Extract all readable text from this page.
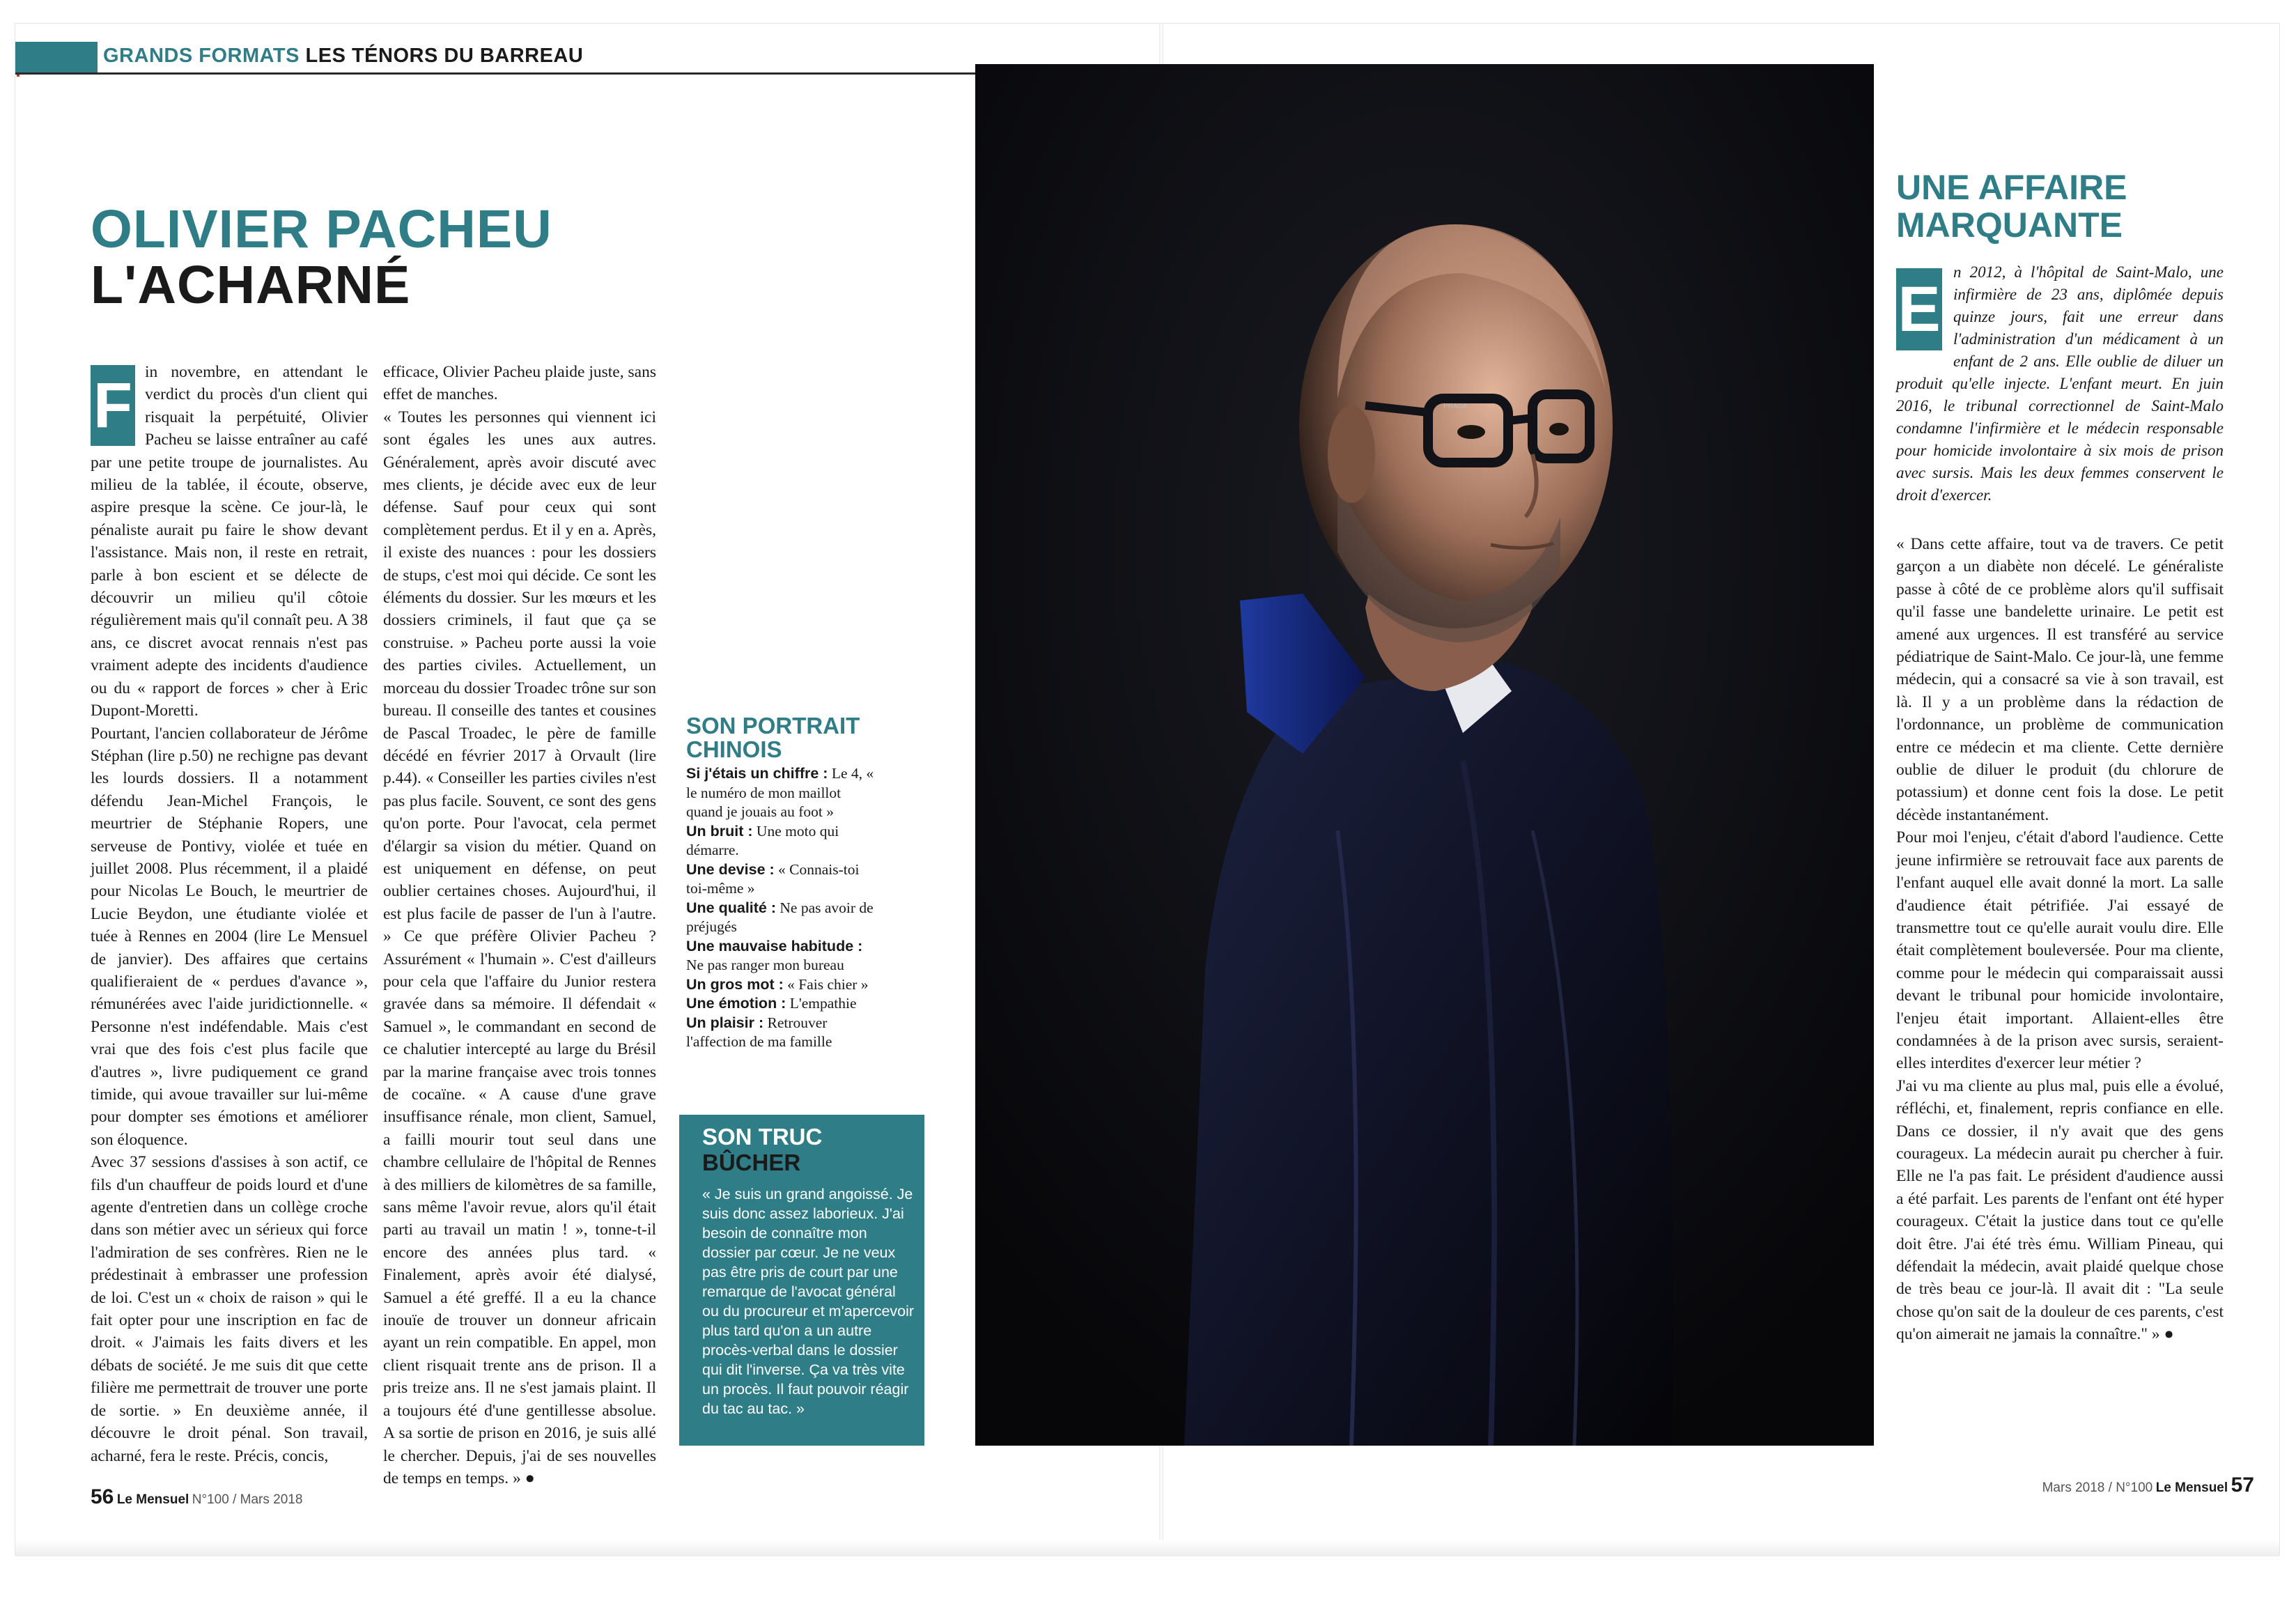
GRANDS FORMATS LES TÉNORS DU BARREAU
OLIVIER PACHEU
L'ACHARNÉ
F in novembre, en attendant le verdict du procès d'un client qui risquait la perpétuité, Olivier Pacheu se laisse entraîner au café par une petite troupe de journalistes. Au milieu de la tablée, il écoute, observe, aspire presque la scène. Ce jour-là, le pénaliste aurait pu faire le show devant l'assistance. Mais non, il reste en retrait, parle à bon escient et se délecte de découvrir un milieu qu'il côtoie régulièrement mais qu'il connaît peu. A 38 ans, ce discret avocat rennais n'est pas vraiment adepte des incidents d'audience ou du « rapport de forces » cher à Eric Dupont-Moretti.

Pourtant, l'ancien collaborateur de Jérôme Stéphan (lire p.50) ne rechigne pas devant les lourds dossiers. Il a notamment défendu Jean-Michel François, le meurtrier de Stéphanie Ropers, une serveuse de Pontivy, violée et tuée en juillet 2008. Plus récemment, il a plaidé pour Nicolas Le Bouch, le meurtrier de Lucie Beydon, une étudiante violée et tuée à Rennes en 2004 (lire Le Mensuel de janvier). Des affaires que certains qualifieraient de « perdues d'avance », rémunérées avec l'aide juridictionnelle. « Personne n'est indéfendable. Mais c'est vrai que des fois c'est plus facile que d'autres », livre pudiquement ce grand timide, qui avoue travailler sur lui-même pour dompter ses émotions et améliorer son éloquence.

Avec 37 sessions d'assises à son actif, ce fils d'un chauffeur de poids lourd et d'une agente d'entretien dans un collège croche dans son métier avec un sérieux qui force l'admiration de ses confrères. Rien ne le prédestinait à embrasser une profession de loi. C'est un « choix de raison » qui le fait opter pour une inscription en fac de droit. « J'aimais les faits divers et les débats de société. Je me suis dit que cette filière me permettrait de trouver une porte de sortie. » En deuxième année, il découvre le droit pénal. Son travail, acharné, fera le reste. Précis, concis,

efficace, Olivier Pacheu plaide juste, sans effet de manches.

« Toutes les personnes qui viennent ici sont égales les unes aux autres. Généralement, après avoir discuté avec mes clients, je décide avec eux de leur défense. Sauf pour ceux qui sont complètement perdus. Et il y en a. Après, il existe des nuances : pour les dossiers de stups, c'est moi qui décide. Ce sont les éléments du dossier. Sur les mœurs et les dossiers criminels, il faut que ça se construise. » Pacheu porte aussi la voie des parties civiles. Actuellement, un morceau du dossier Troadec trône sur son bureau. Il conseille des tantes et cousines de Pascal Troadec, le père de famille décédé en février 2017 à Orvault (lire p.44). « Conseiller les parties civiles n'est pas plus facile. Souvent, ce sont des gens qu'on porte. Pour l'avocat, cela permet d'élargir sa vision du métier. Quand on est uniquement en défense, on peut oublier certaines choses. Aujourd'hui, il est plus facile de passer de l'un à l'autre. » Ce que préfère Olivier Pacheu ? Assurément « l'humain ». C'est d'ailleurs pour cela que l'affaire du Junior restera gravée dans sa mémoire. Il défendait « Samuel », le commandant en second de ce chalutier intercepté au large du Brésil par la marine française avec trois tonnes de cocaïne. « A cause d'une grave insuffisance rénale, mon client, Samuel, a failli mourir tout seul dans une chambre cellulaire de l'hôpital de Rennes à des milliers de kilomètres de sa famille, sans même l'avoir revue, alors qu'il était parti au travail un matin ! », tonne-t-il encore des années plus tard. « Finalement, après avoir été dialysé, Samuel a été greffé. Il a eu la chance inouïe de trouver un donneur africain ayant un rein compatible. En appel, mon client risquait trente ans de prison. Il a pris treize ans. Il ne s'est jamais plaint. Il a toujours été d'une gentillesse absolue. A sa sortie de prison en 2016, je suis allé le chercher. Depuis, j'ai de ses nouvelles de temps en temps. » ●

SON PORTRAIT CHINOIS
Si j'étais un chiffre : Le 4, « le numéro de mon maillot quand je jouais au foot »
Un bruit : Une moto qui démarre.
Une devise : « Connais-toi toi-même »
Une qualité : Ne pas avoir de préjugés
Une mauvaise habitude : Ne pas ranger mon bureau
Un gros mot : « Fais chier »
Une émotion : L'empathie
Un plaisir : Retrouver l'affection de ma famille
SON TRUC
BÛCHER
« Je suis un grand angoissé. Je suis donc assez laborieux. J'ai besoin de connaître mon dossier par cœur. Je ne veux pas être pris de court par une remarque de l'avocat général ou du procureur et m'apercevoir plus tard qu'on a un autre procès-verbal dans le dossier qui dit l'inverse. Ça va très vite un procès. Il faut pouvoir réagir du tac au tac. »
PRADA
UNE AFFAIRE MARQUANTE
E
n 2012, à l'hôpital de Saint-Malo, une infirmière de 23 ans, diplômée depuis quinze jours, fait une erreur dans l'administration d'un médicament à un enfant de 2 ans. Elle oublie de diluer un produit qu'elle injecte. L'enfant meurt. En juin 2016, le tribunal correctionnel de Saint-Malo condamne l'infirmière et le médecin responsable pour homicide involontaire à six mois de prison avec sursis. Mais les deux femmes conservent le droit d'exercer.

« Dans cette affaire, tout va de travers. Ce petit garçon a un diabète non décelé. Le généraliste passe à côté de ce problème alors qu'il suffisait qu'il fasse une bandelette urinaire. Le petit est amené aux urgences. Il est transféré au service pédiatrique de Saint-Malo. Ce jour-là, une femme médecin, qui a consacré sa vie à son travail, est là. Il y a un problème dans la rédaction de l'ordonnance, un problème de communication entre ce médecin et ma cliente. Cette dernière oublie de diluer le produit (du chlorure de potassium) et donne cent fois la dose. Le petit décède instantanément.

Pour moi l'enjeu, c'était d'abord l'audience. Cette jeune infirmière se retrouvait face aux parents de l'enfant auquel elle avait donné la mort. La salle d'audience était pétrifiée. J'ai essayé de transmettre tout ce qu'elle aurait voulu dire. Elle était complètement bouleversée. Pour ma cliente, comme pour le médecin qui comparaissait aussi devant le tribunal pour homicide involontaire, l'enjeu était important. Allaient-elles être condamnées à de la prison avec sursis, seraient-elles interdites d'exercer leur métier ?

J'ai vu ma cliente au plus mal, puis elle a évolué, réfléchi, et, finalement, repris confiance en elle. Dans ce dossier, il n'y avait que des gens courageux. La médecin aurait pu chercher à fuir. Elle ne l'a pas fait. Le président d'audience aussi a été parfait. Les parents de l'enfant ont été hyper courageux. C'était la justice dans tout ce qu'elle doit être. J'ai été très ému. William Pineau, qui défendait la médecin, avait plaidé quelque chose de très beau ce jour-là. Il avait dit : "La seule chose qu'on sait de la douleur de ces parents, c'est qu'on aimerait ne jamais la connaître." » ●

56 Le Mensuel N°100 / Mars 2018
Mars 2018 / N°100 Le Mensuel 57
